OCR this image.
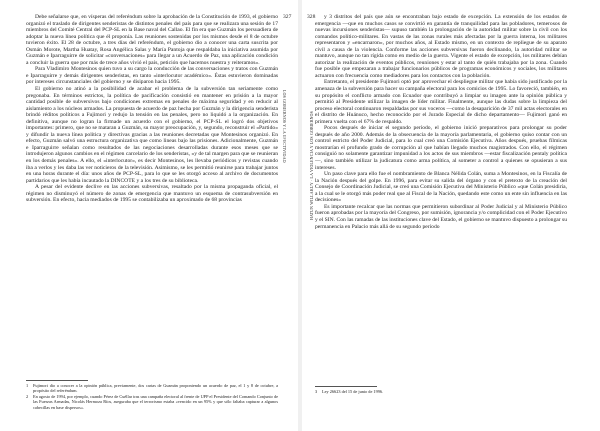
327
LOS GOBIERNOS Y LA EFECTIVIDAD

Debe señalarse que, en vísperas del referéndum sobre la aprobación de la Constitución de 1993, el gobierno organizó el traslado de dirigentes senderistas de distintos penales del país para que se realizara una sesión de 17 miembros del Comité Central del PCP-SL en la Base naval del Callao. El fin era que Guzmán los persuadiera de adoptar la nueva línea política que él proponía. Las reuniones sostenidas por los mismos desde el 8 de octubre tuvieron éxito. El 28 de octubre, a tres días del referéndum, el gobierno dio a conocer una carta suscrita por Osmán Morote, Martha Huatay, Rosa Angélica Salas y María Pantoja que respaldaba la iniciativa asumida por Guzmán e Iparraguirre de solicitar «conversaciones» para llegar a un Acuerdo de Paz, una aplicación condición a concluir la guerra que por más de trece años vivió el país, petición que hacemos nuestra y reiteramos».

Para Vladimiro Montesinos quien tuvo a su cargo la conducción de las conversaciones y tratos con Guzmán e Iparraguirre y demás dirigentes senderistas, en tanto «interlocutor académico». Éstas estuvieron dominadas por intereses circunstanciales del gobierno y se disiparon hacia 1995.

El gobierno no atinó a la posibilidad de acabar el problema de la subversión tan seriamente como pregonaba. En términos estrictos, la política de pacificación consistió en mantener en prisión a la mayor cantidad posible de subversivos bajo condiciones extremas en penales de máxima seguridad y en reducir al aislamiento a los núcleos armados. La propuesta de acuerdo de paz hecha por Guzmán y la dirigencia senderista brindó réditos políticos a Fujimori y redujo la tensión en las penales, pero no liquidó a la organización. En definitiva, aunque no logran la firmade un acuerdo con el gobierno, el PCP-SL el logró dos objetivos importantes: primero, que no se mataran a Guzmán, su mayor preocupación, y, segundo, reconstruir el «Partido» y difundir la nueva línea política y directivas gracias a las reuniones decretadas que Montesinos organizó. En efecto, Guzmán salvó una estructura organizativa que como lineas bajo las prisiones. Adicionalmente, Guzmán e Iparraguirre señalan como resultados de las negociaciones desarrolladas durante esos meses que se introdujeron algunos cambios en el régimen carcelario de los senderistas, «y de tal margen para que se reunieran en los demás penales». A ello, el «interlocutor», es decir Montesinos, les llevaba periódicos y revistas cuando iba a verlos y les daba las ver noticieros de la televisión. Asimismo, se les permitió reunirse para trabajar juntos en una horas durante el día: unos años de PCP-SL, para lo que se les otorgó acceso al archivo de documentos partidarios que les había incautado la DINCOTE y a los tres de su biblioteca.

A pesar del evidente declive en las acciones subversivas, resaltado por la misma propaganda oficial, el régimen no disminuyó el número de zonas de emergencia que mantuvo un esquema de contrasubversión en subversión. En efecto, hacia mediados de 1995 se contabilizaba un aproximado de 68 provincias

1 Fujimori dio a conocer a la opinión pública, previamente, dos cartas de Guzmán proponiendo un acuerdo de paz, el 1 y 8 de octubre, a propósito del referéndum.

2 En agosto de 1994, por ejemplo, cuando Pérez de Cuéllar tras una campaña electoral al frente de UPP el Presidente del Comando Conjunto de las Fuerzas Armadas, Nicolás Hermoza Ríos, aseguraba que el terrorismo estaba «vencido en un 95% y que sólo faltaba capturar a algunos cabecillas en base dispersos».

328
HATUN WILLAKUY · LA VIOLENCIA Y LOS GOBIERNOS

y 3 distritos del país que aún se encontraban bajo estado de excepción. La extensión de los estados de emergencia —que en muchos casos se convirtió en garantía de tranquilidad para las pobladores, temerosos de nuevas incursiones senderistas— supuso también la prolongación de la autoridad militar sobre la civil con los comandos político-militares. En vastas de las zonas rurales más afectadas por la guerra interna, los militares representaron y «encarnaron», por muchos años, al Estado mismo, en un contexto de repliegue de su aparato civil a causa de la violencia. Conforme las acciones subversivas fueron declinando, la autoridad militar se mantuvo, aunque no tan rígida como en medio de la guerra. Vigente el estado de excepción, los militares debían autorizar la realización de eventos públicos, reuniones y estar al tanto de quién trabajaba por la zona. Cuando fue posible que empezaran a trabajar funcionarios públicos de programas económicos y sociales, los militares actuaron con frecuencia como mediadores para los contactos con la población.

Entretanto, el presidente Fujimori optó por aprovechar el despliegue militar que había sido justificado por la amenaza de la subversión para hacer su campaña electoral para los comicios de 1995. Lo favoreció, también, en su propósito el conflicto armado con Ecuador que contribuyó a limpiar su imagen ante la opinión pública y permitió al Presidente utilizar la imagen de líder militar. Finalmente, aunque las dudas sobre la limpieza del proceso electoral continuaron respaldadas por sus voceros —como la desaparición de 37 mil actas electorales en el distrito de Huánuco, hecho reconocido por el Jurado Especial de dicho departamento— Fujimori ganó en primera vuelta con el 67% de respaldo.

Pocos después de iniciar el segundo período, el gobierno inició preparativos para prolongar su poder después de año 2000. Además de la obsecuencia de la mayoría parlamentaria, el gobierno quiso contar con un control estricto del Poder Judicial, para lo cual creó una Comisión Ejecutiva. Años después, pruebas fílmicas mostrarían el profundo grado de corrupción al que habían llegado muchos magistrados. Con ello, el régimen consiguió no solamente garantizar impunidad a los actos de sus miembros —estar fiscalización pentaly política—, sino también utilizar la judicatura como arma política, al someter a control a quienes se opusieran a sus intereses.

Un paso clave para ello fue el nombramiento de Blanca Nélida Colán, suma a Montesinos, en la Fiscalía de la Nación después del golpe. En 1996, para evitar su salida del órgano y con el pretexto de la creación del Consejo de Coordinación Judicial, se creó una Comisión Ejecutiva del Ministerio Público «que Colán presidiría, a la cual se le otorgó más poder real que al Fiscal de la Nación, quedando este como un ente sin influencia en las decisiones»

Es importante recalcar que las normas que permitieron subordinar al Poder Judicial y al Ministerio Público fueron aprobadas por la mayoría del Congreso, por sumisión, ignorancia y/o complicidad con el Poder Ejecutivo y el SIN. Con las ramadas de las instituciones clave del Estado, el gobierno se mantuvo dispuesto a prolongar su permanencia en Palacio más allá de su segundo período

3 Ley 26623 del 15 de junio de 1996.
